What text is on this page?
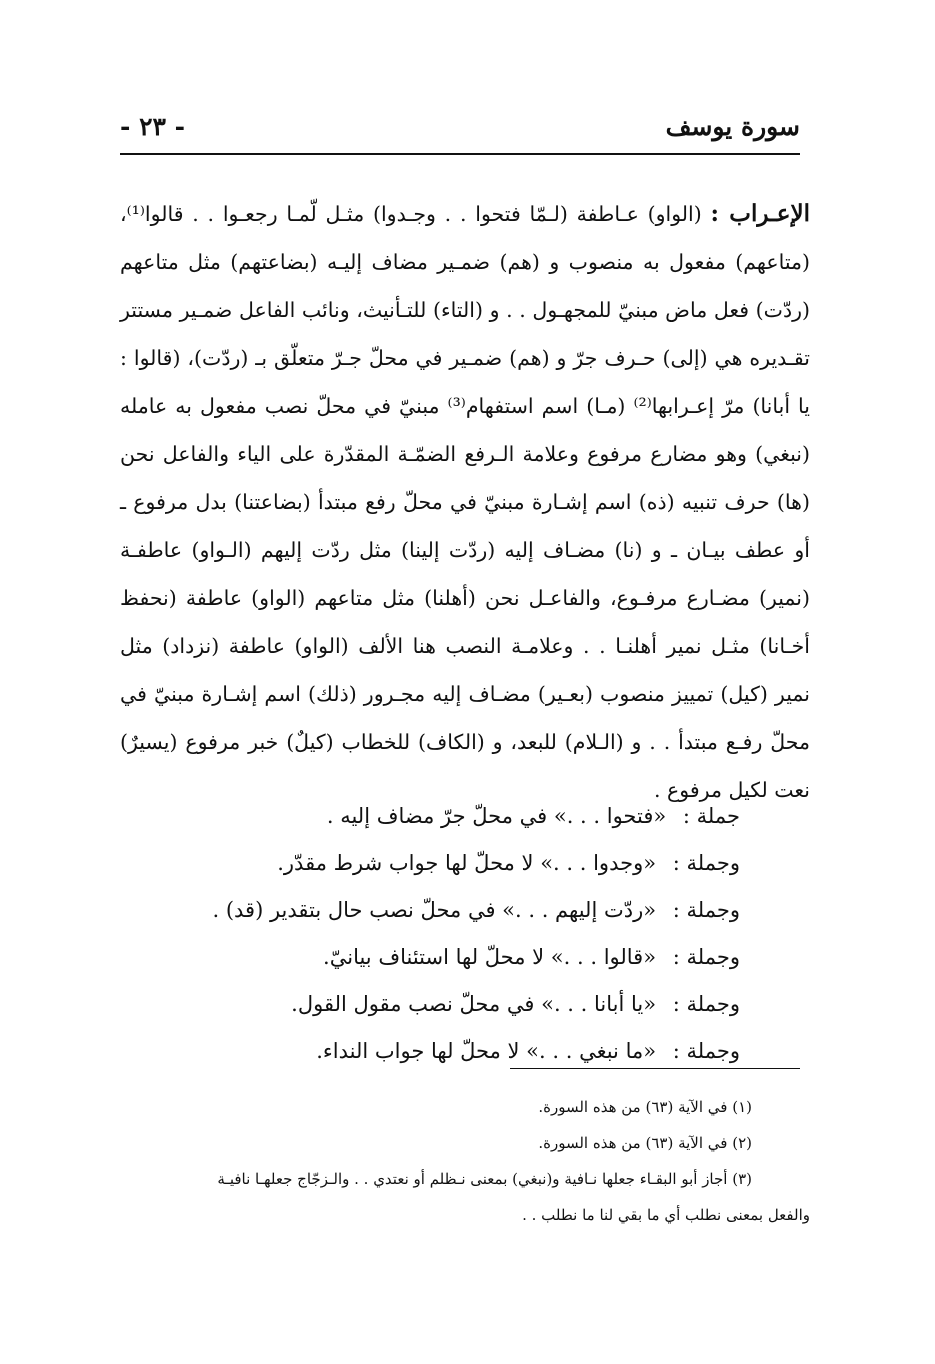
سورة يوسف
- ٢٣ -
الإعـراب : (الواو) عـاطفة (لـمّا فتحوا . . وجـدوا) مثـل لّمـا رجعـوا . . قالوا⁽¹⁾، (متاعهم) مفعول به منصوب و (هم) ضمـير مضاف إليـه (بضاعتهم) مثل متاعهم (ردّت) فعل ماض مبنيّ للمجهـول . . و (التاء) للتـأنيث، ونائب الفاعل ضمـير مستتر تقـديره هي (إلى) حـرف جرّ و (هم) ضمـير في محلّ جـرّ متعلّق بـ (ردّت)، (قالوا : يا أبانا) مرّ إعـرابها⁽²⁾ (مـا) اسم استفهام⁽³⁾ مبنيّ في محلّ نصب مفعول به عامله (نبغي) وهو مضارع مرفوع وعلامة الـرفع الضمّـة المقدّرة على الياء والفاعل نحن (ها) حرف تنبيه (ذه) اسم إشـارة مبنيّ في محلّ رفع مبتدأ (بضاعتنا) بدل مرفوع ـ أو عطف بيـان ـ و (نا) مضـاف إليه (ردّت إلينا) مثل ردّت إليهم (الـواو) عاطفـة (نمير) مضـارع مرفـوع، والفاعـل نحن (أهلنا) مثل متاعهم (الواو) عاطفة (نحفظ أخـانا) مثـل نمير أهلنـا . . وعلامـة النصب هنا الألف (الواو) عاطفة (نزداد) مثل نمير (كيل) تمييز منصوب (بعـير) مضـاف إليه مجـرور (ذلك) اسم إشـارة مبنيّ في محلّ رفـع مبتدأ . . و (الـلام) للبعد، و (الكاف) للخطاب (كيلٌ) خبر مرفوع (يسيرٌ) نعت لكيل مرفوع .
جملة : «فتحوا . . .» في محلّ جرّ مضاف إليه .
وجملة : «وجدوا . . .» لا محلّ لها جواب شرط مقدّر.
وجملة : «ردّت إليهم . . .» في محلّ نصب حال بتقدير (قد) .
وجملة : «قالوا . . .» لا محلّ لها استئناف بيانيّ.
وجملة : «يا أبانا . . .» في محلّ نصب مقول القول.
وجملة : «ما نبغي . . .» لا محلّ لها جواب النداء.
(١) في الآية (٦٣) من هذه السورة.
(٢) في الآية (٦٣) من هذه السورة.
(٣) أجاز أبو البقـاء جعلها نـافية و(نبغي) بمعنى نـظلم أو نعتدي . . والـزجّاج جعلهـا نافيـة
والفعل بمعنى نطلب أي ما بقي لنا ما نطلب . .
